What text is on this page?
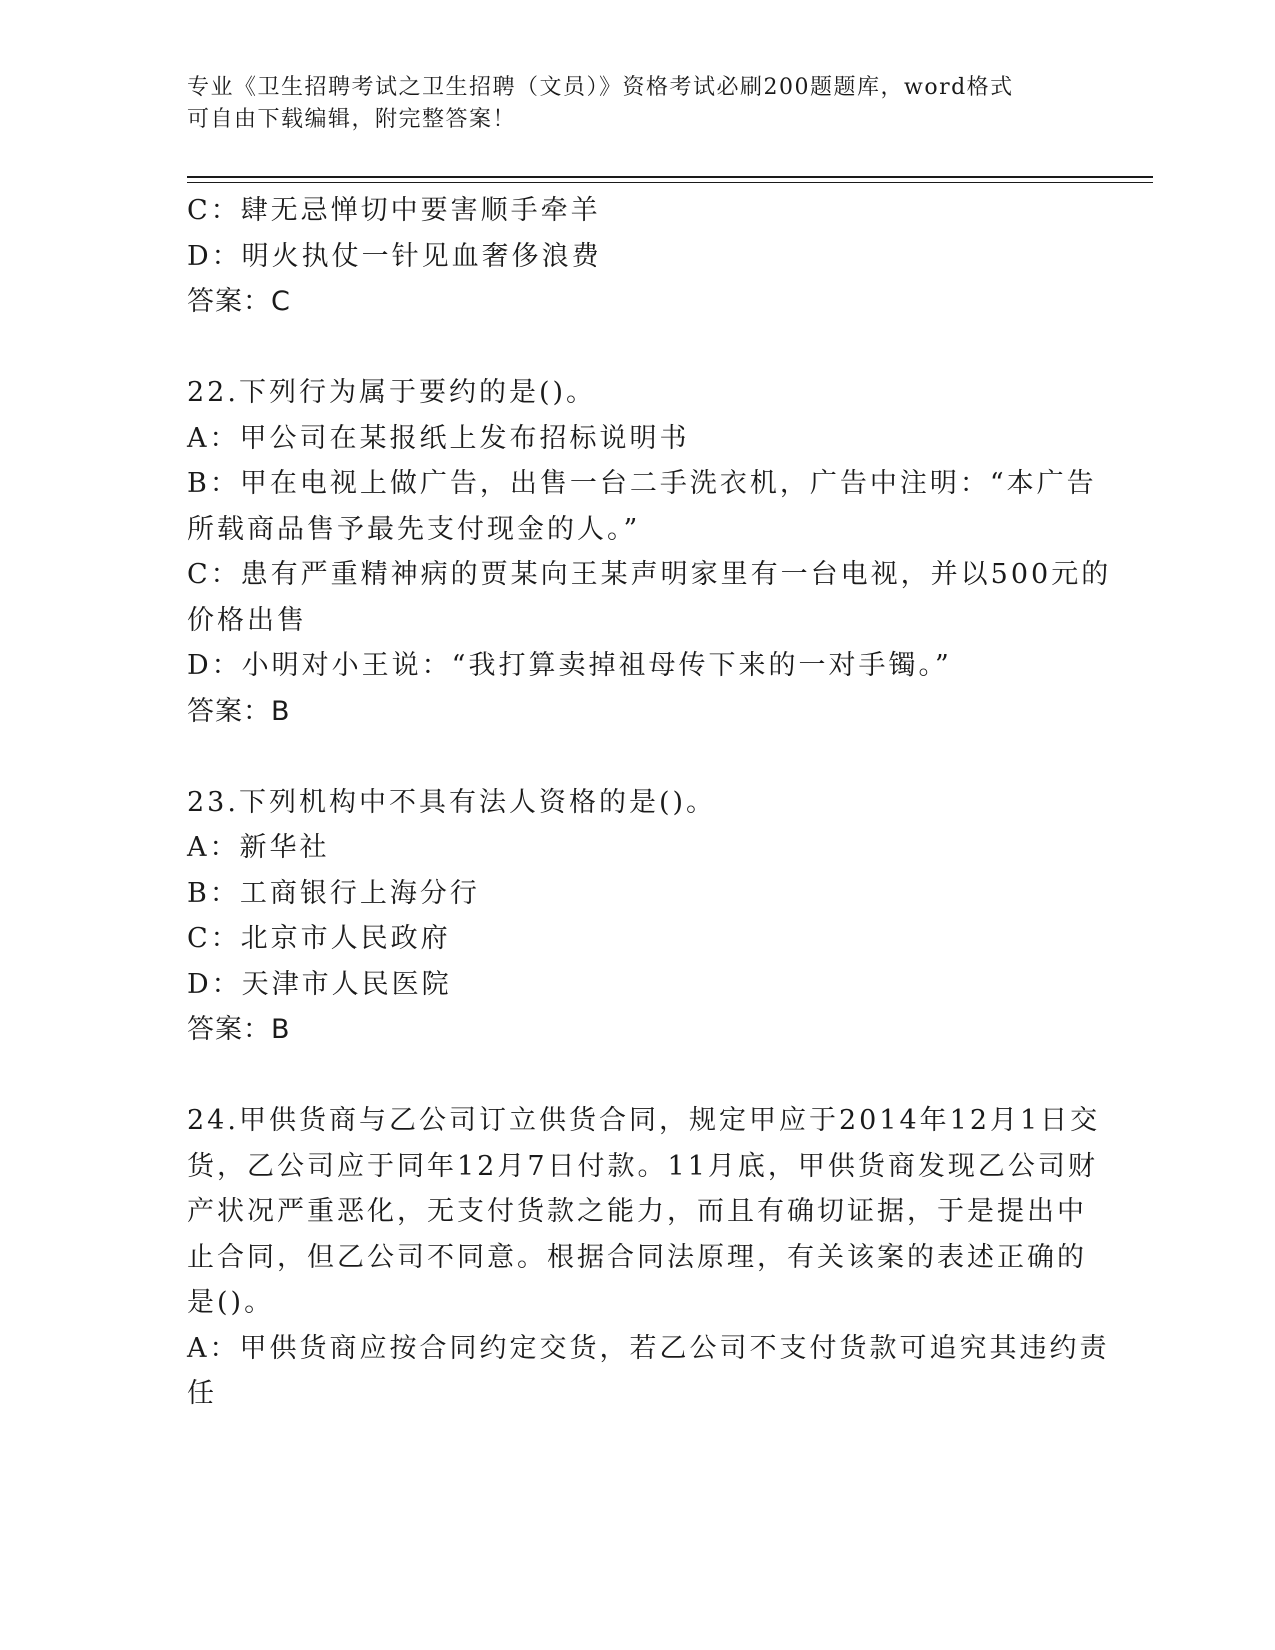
专业《卫生招聘考试之卫生招聘（文员）》资格考试必刷200题题库，word格式
可自由下载编辑，附完整答案！
C：肆无忌惮切中要害顺手牵羊
D：明火执仗一针见血奢侈浪费
答案：C
22.下列行为属于要约的是()。
A：甲公司在某报纸上发布招标说明书
B：甲在电视上做广告，出售一台二手洗衣机，广告中注明：“本广告
所载商品售予最先支付现金的人。”
C：患有严重精神病的贾某向王某声明家里有一台电视，并以500元的
价格出售
D：小明对小王说：“我打算卖掉祖母传下来的一对手镯。”
答案：B
23.下列机构中不具有法人资格的是()。
A：新华社
B：工商银行上海分行
C：北京市人民政府
D：天津市人民医院
答案：B
24.甲供货商与乙公司订立供货合同，规定甲应于2014年12月1日交
货，乙公司应于同年12月7日付款。11月底，甲供货商发现乙公司财
产状况严重恶化，无支付货款之能力，而且有确切证据，于是提出中
止合同，但乙公司不同意。根据合同法原理，有关该案的表述正确的
是()。
A：甲供货商应按合同约定交货，若乙公司不支付货款可追究其违约责
任
